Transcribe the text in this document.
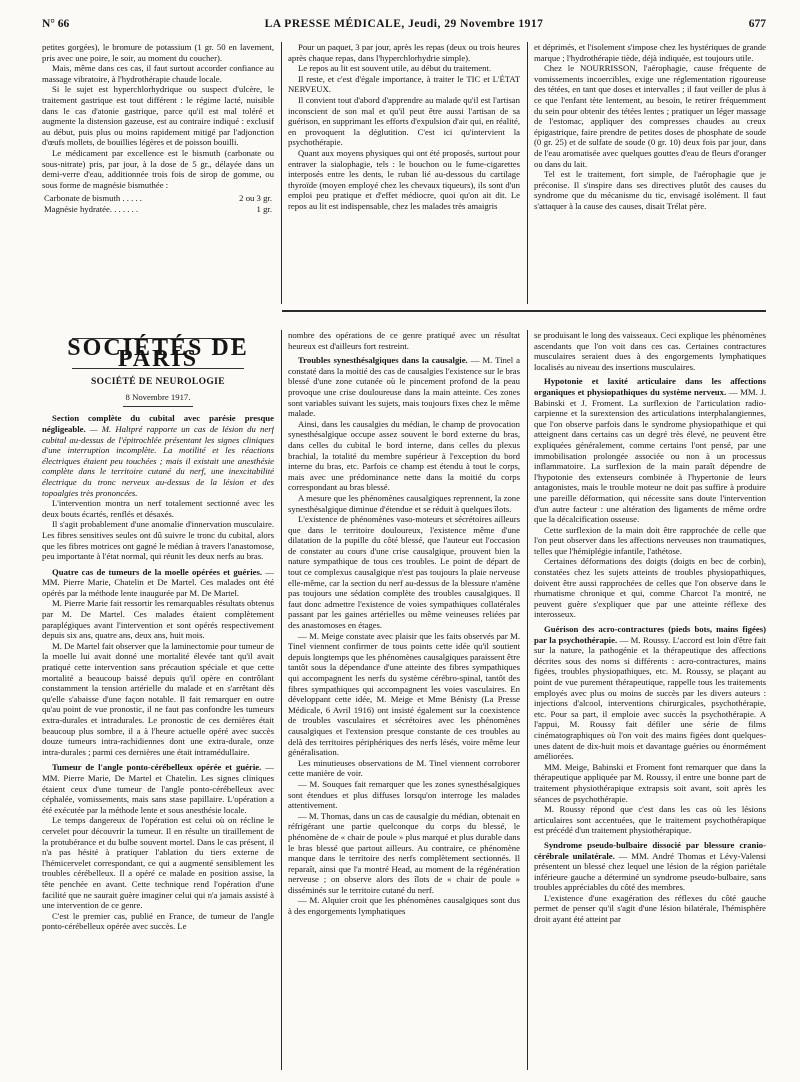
N° 66	LA PRESSE MÉDICALE, Jeudi, 29 Novembre 1917	677

petites gorgées), le bromure de potassium (1 gr. 50 en lavement, pris avec une poire, le soir, au moment du coucher).

Mais, même dans ces cas, il faut surtout accorder confiance au massage vibratoire, à l'hydrothérapie chaude locale.

Si le sujet est hyperchlorhydrique ou suspect d'ulcère, le traitement gastrique est tout différent : le régime lacté, nuisible dans le cas d'atonie gastrique, parce qu'il est mal toléré et augmente la distension gazeuse, est au contraire indiqué : exclusif au début, puis plus ou moins rapidement mitigé par l'adjonction d'œufs mollets, de bouillies légères et de poisson bouilli.

Le médicament par excellence est le bismuth (carbonate ou sous-nitrate) pris, par jour, à la dose de 5 gr., délayée dans un demi-verre d'eau, additionnée trois fois de sirop de gomme, ou sous forme de magnésie bismuthée :

Carbonate de bismuth . . . . .	2 ou 3 gr.
Magnésie hydratée. . . . . . .	1 gr.

Pour un paquet, 3 par jour, après les repas (deux ou trois heures après chaque repas, dans l'hyperchlorhydrie simple).

Le repos au lit est souvent utile, au début du traitement.

Il reste, et c'est d'égale importance, à traiter le TIC et L'ÉTAT NERVEUX.

Il convient tout d'abord d'apprendre au malade qu'il est l'artisan inconscient de son mal et qu'il peut être aussi l'artisan de sa guérison, en supprimant les efforts d'expulsion d'air qui, en réalité, en provoquent la déglutition. C'est ici qu'intervient la psychothérapie.

Quant aux moyens physiques qui ont été proposés, surtout pour entraver la sialophagie, tels : le bouchon ou le fume-cigarettes interposés entre les dents, le ruban lié au-dessous du cartilage thyroïde (moyen employé chez les chevaux tiqueurs), ils sont d'un emploi peu pratique et d'effet médiocre, quoi qu'on ait dit. Le repos au lit est indispensable, chez les malades très amaigris

et déprimés, et l'isolement s'impose chez les hystériques de grande marque ; l'hydrothérapie tiède, déjà indiquée, est toujours utile.

Chez le NOURRISSON, l'aérophagie, cause fréquente de vomissements incoercibles, exige une réglementation rigoureuse des tétées, en tant que doses et intervalles ; il faut veiller de plus à ce que l'enfant tète lentement, au besoin, le retirer fréquemment du sein pour obtenir des tétées lentes ; pratiquer un léger massage de l'estomac, appliquer des compresses chaudes au creux épigastrique, faire prendre de petites doses de phosphate de soude (0 gr. 25) et de sulfate de soude (0 gr. 10) deux fois par jour, dans de l'eau aromatisée avec quelques gouttes d'eau de fleurs d'oranger ou dans du lait.

Tel est le traitement, fort simple, de l'aérophagie que je préconise. Il s'inspire dans ses directives plutôt des causes du syndrome que du mécanisme du tic, envisagé isolément. Il faut s'attaquer à la cause des causes, disait Trélat père.

SOCIÉTÉS DE PARIS
SOCIÉTÉ DE NEUROLOGIE
8 Novembre 1917.

Section complète du cubital avec parésie presque négligeable. — M. Haltpré rapporte un cas de lésion du nerf cubital au-dessus de l'épitrochlée présentant les signes cliniques d'une interruption incomplète. La motilité et les réactions électriques étaient peu touchées ; mais il existait une anesthésie complète dans le territoire cutané du nerf, une inexcitabilité électrique du tronc nerveux au-dessus de la lésion et des topoalgies très prononcées.

L'intervention montra un nerf totalement sectionné avec les deux bouts écartés, renflés et désaxés.

Il s'agit probablement d'une anomalie d'innervation musculaire. Les fibres sensitives seules ont dû suivre le tronc du cubital, alors que les fibres motrices ont gagné le médian à travers l'anastomose, peu importante à l'état normal, qui réunit les deux nerfs au bras.

Quatre cas de tumeurs de la moelle opérées et guéries. — MM. Pierre Marie, Chatelin et De Martel. Ces malades ont été opérés par la méthode lente inaugurée par M. De Martel.

M. Pierre Marie fait ressortir les remarquables résultats obtenus par M. De Martel. Ces malades étaient complètement paraplégiques avant l'intervention et sont opérés respectivement depuis six ans, quatre ans, deux ans, huit mois.

M. De Martel fait observer que la laminectomie pour tumeur de la moelle lui avait donné une mortalité élevée tant qu'il avait pratiqué cette intervention sans précaution spéciale et que cette mortalité a beaucoup baissé depuis qu'il opère en contrôlant constamment la tension artérielle du malade et en s'arrêtant dès qu'elle s'abaisse d'une façon notable. Il fait remarquer en outre qu'au point de vue pronostic, il ne faut pas confondre les tumeurs extra-durales et intradurales. Le pronostic de ces dernières était beaucoup plus sombre, il a à l'heure actuelle opéré avec succès douze tumeurs intra-rachidiennes dont une extra-durale, onze intra-durales ; parmi ces dernières une était intramédullaire.

Tumeur de l'angle ponto-cérébelleux opérée et guérie. — MM. Pierre Marie, De Martel et Chatelin. Les signes cliniques étaient ceux d'une tumeur de l'angle ponto-cérébelleux avec céphalée, vomissements, mais sans stase papillaire. L'opération a été exécutée par la méthode lente et sous anesthésie locale.

Le temps dangereux de l'opération est celui où on récline le cervelet pour découvrir la tumeur. Il en résulte un tiraillement de la protubérance et du bulbe souvent mortel. Dans le cas présent, il n'a pas hésité à pratiquer l'ablation du tiers externe de l'hémicervelet correspondant, ce qui a augmenté sensiblement les troubles cérébelleux. Il a opéré ce malade en position assise, la tête penchée en avant. Cette technique rend l'opération d'une facilité que ne saurait guère imaginer celui qui n'a jamais assisté à une intervention de ce genre.

C'est le premier cas, publié en France, de tumeur de l'angle ponto-cérébelleux opérée avec succès. Le

nombre des opérations de ce genre pratiqué avec un résultat heureux est d'ailleurs fort restreint.

Troubles synesthésalgiques dans la causalgie. — M. Tinel a constaté dans la moitié des cas de causalgies l'existence sur le bras blessé d'une zone cutanée où le pincement profond de la peau provoque une crise douloureuse dans la main atteinte. Ces zones sont variables suivant les sujets, mais toujours fixes chez le même malade.

Ainsi, dans les causalgies du médian, le champ de provocation synesthésalgique occupe assez souvent le bord externe du bras, dans celles du cubital le bord interne, dans celles du plexus brachial, la totalité du membre supérieur à l'exception du bord interne du bras, etc. Parfois ce champ est étendu à tout le corps, mais avec une prédominance nette dans la moitié du corps correspondant au bras blessé.

A mesure que les phénomènes causalgiques reprennent, la zone synesthésalgique diminue d'étendue et se réduit à quelques îlots.

L'existence de phénomènes vaso-moteurs et sécrétoires ailleurs que dans le territoire douloureux, l'existence même d'une dilatation de la pupille du côté blessé, que l'auteur eut l'occasion de constater au cours d'une crise causalgique, prouvent bien la nature sympathique de tous ces troubles. Le point de départ de tout ce complexus causalgique n'est pas toujours la plaie nerveuse elle-même, car la section du nerf au-dessus de la blessure n'amène pas toujours une sédation complète des troubles causalgiques. Il faut donc admettre l'existence de voies sympathiques collatérales passant par les gaines artérielles ou même veineuses reliées par des anastomoses en étages.

— M. Meige constate avec plaisir que les faits observés par M. Tinel viennent confirmer de tous points cette idée qu'il soutient depuis longtemps que les phénomènes causalgiques paraissent être tantôt sous la dépendance d'une atteinte des fibres sympathiques qui accompagnent les nerfs du système cérébro-spinal, tantôt des fibres sympathiques qui accompagnent les voies vasculaires. En développant cette idée, M. Meige et Mme Bénisty (La Presse Médicale, 6 Avril 1916) ont insisté également sur la coexistence de troubles vasculaires et sécrétoires avec les phénomènes causalgiques et l'extension presque constante de ces troubles au delà des territoires périphériques des nerfs lésés, voire même leur généralisation.

Les minutieuses observations de M. Tinel viennent corroborer cette manière de voir.

— M. Souques fait remarquer que les zones synesthésalgiques sont étendues et plus diffuses lorsqu'on interroge les malades attentivement.

— M. Thomas, dans un cas de causalgie du médian, obtenait en réfrigérant une partie quelconque du corps du blessé, le phénomène de « chair de poule » plus marqué et plus durable dans le bras blessé que partout ailleurs. Au contraire, ce phénomène manque dans le territoire des nerfs complètement sectionnés. Il reparaît, ainsi que l'a montré Head, au moment de la régénération nerveuse ; on observe alors des îlots de « chair de poule » disséminés sur le territoire cutané du nerf.

— M. Alquier croit que les phénomènes causalgiques sont dus à des engorgements lymphatiques

se produisant le long des vaisseaux. Ceci explique les phénomènes ascendants que l'on voit dans ces cas. Certaines contractures musculaires seraient dues à des engorgements lymphatiques localisés au niveau des insertions musculaires.

Hypotonie et laxité articulaire dans les affections organiques et physiopathiques du système nerveux. — MM. J. Babinski et J. Froment. La surflexion de l'articulation radio-carpienne et la surextension des articulations interphalangiennes, que l'on observe parfois dans le syndrome physiopathique et qui atteignent dans certains cas un degré très élevé, ne peuvent être expliquées généralement, comme certains l'ont pensé, par une immobilisation prolongée associée ou non à un processus inflammatoire. La surflexion de la main paraît dépendre de l'hypotonie des extenseurs combinée à l'hypertonie de leurs antagonistes, mais le trouble moteur ne doit pas suffire à produire une pareille déformation, qui nécessite sans doute l'intervention d'un autre facteur : une altération des ligaments de même ordre que la décalcification osseuse.

Cette surflexion de la main doit être rapprochée de celle que l'on peut observer dans les affections nerveuses non traumatiques, telles que l'hémiplégie infantile, l'athétose.

Certaines déformations des doigts (doigts en bec de corbin), constatées chez les sujets atteints de troubles physiopathiques, doivent être aussi rapprochées de celles que l'on observe dans le rhumatisme chronique et qui, comme Charcot l'a montré, ne peuvent guère s'expliquer que par une atteinte réflexe des interosseux.

Guérison des acro-contractures (pieds bots, mains figées) par la psychothérapie. — M. Roussy. L'accord est loin d'être fait sur la nature, la pathogénie et la thérapeutique des affections décrites sous des noms si différents : acro-contractures, mains figées, troubles physiopathiques, etc. M. Roussy, se plaçant au point de vue purement thérapeutique, rappelle tous les traitements employés avec plus ou moins de succès par les divers auteurs : injections d'alcool, interventions chirurgicales, psychothérapie, etc. Pour sa part, il emploie avec succès la psychothérapie. A l'appui, M. Roussy fait défiler une série de films cinématographiques où l'on voit des mains figées dont quelques-unes datent de dix-huit mois et davantage guéries ou énormément améliorées.

MM. Meige, Babinski et Froment font remarquer que dans la thérapeutique appliquée par M. Roussy, il entre une bonne part de traitement physiothérapique extrapsis soit avant, soit après les séances de psychothérapie.

M. Roussy répond que c'est dans les cas où les lésions articulaires sont accentuées, que le traitement psychothérapique est précédé d'un traitement physiothérapique.

Syndrome pseudo-bulbaire dissocié par blessure cranio-cérébrale unilatérale. — MM. André Thomas et Lévy-Valensi présentent un blessé chez lequel une lésion de la région pariétale inférieure gauche a déterminé un syndrome pseudo-bulbaire, sans troubles appréciables du côté des membres.

L'existence d'une exagération des réflexes du côté gauche permet de penser qu'il s'agit d'une lésion bilatérale, l'hémisphère droit ayant été atteint par
